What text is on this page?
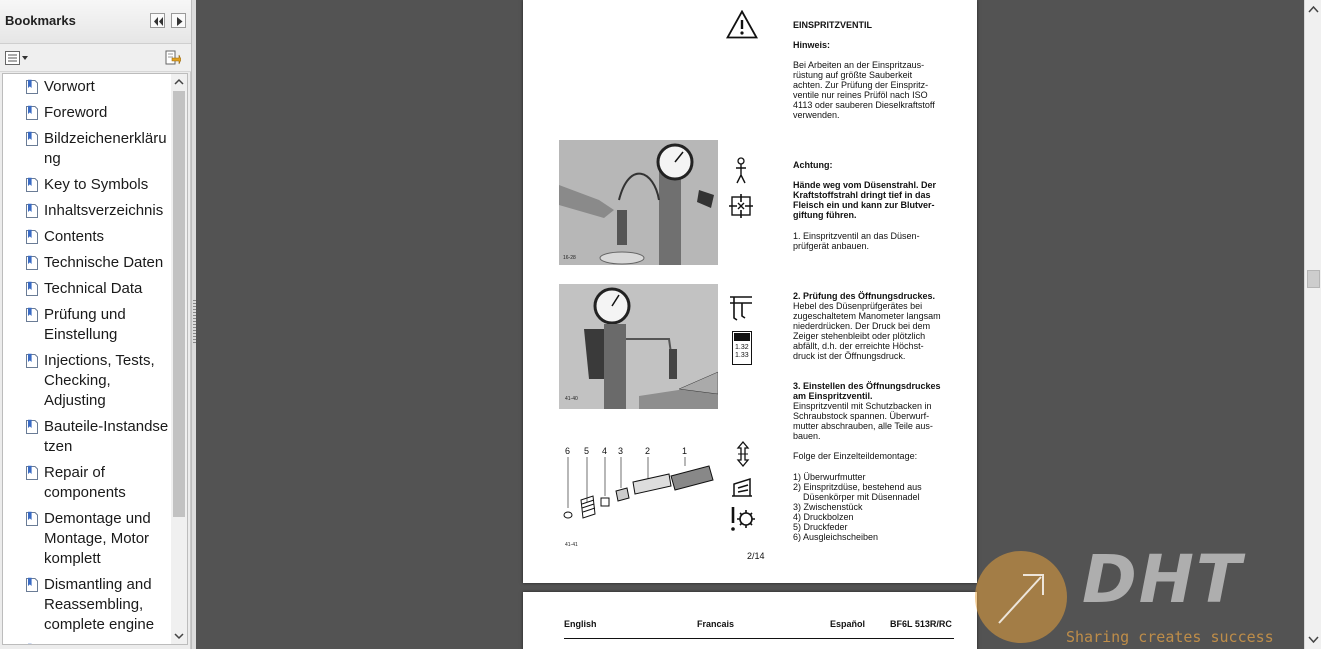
Bookmarks
Vorwort
Foreword
Bildzeichenerklärung
Key to Symbols
Inhaltsverzeichnis
Contents
Technische Daten
Technical Data
Prüfung und Einstellung
Injections, Tests, Checking, Adjusting
Bauteile-Instandsetzen
Repair of components
Demontage und Montage, Motor komplett
Dismantling and Reassembling, complete engine
EINSPRITZVENTIL
Hinweis:
Bei Arbeiten an der Einspritzaus-
rüstung auf größte Sauberkeit
achten. Zur Prüfung der Einspritz-
ventile nur reines Prüföl nach ISO
4113 oder sauberen Dieselkraftstoff
verwenden.
16-28
Achtung:
Hände weg vom Düsenstrahl. Der
Kraftstoffstrahl dringt tief in das
Fleisch ein und kann zur Blutver-
giftung führen.
1. Einspritzventil an das Düsen-
prüfgerät anbauen.
41-40
1.32
1.33
2. Prüfung des Öffnungsdruckes.
Hebel des Düsenprüfgerätes bei
zugeschaltetem Manometer langsam
niederdrücken. Der Druck bei dem
Zeiger stehenbleibt oder plötzlich
abfällt, d.h. der erreichte Höchst-
druck ist der Öffnungsdruck.
6 5 4 3 2	1
41-41
3. Einstellen des Öffnungsdruckes
am Einspritzventil.
Einspritzventil mit Schutzbacken in
Schraubstock spannen. Überwurf-
mutter abschrauben, alle Teile aus-
bauen.
Folge der Einzelteildemontage:
1) Überwurfmutter
2) Einspritzdüse, bestehend aus
Düsenkörper mit Düsennadel
3) Zwischenstück
4) Druckbolzen
5) Druckfeder
6) Ausgleichscheiben
2/14
English	Francais	Español	BF6L 513R/RC
DHT
Sharing creates success
